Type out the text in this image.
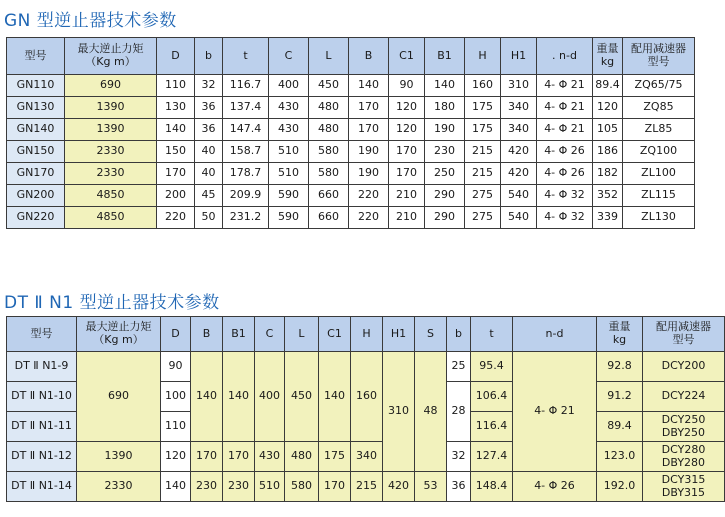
GN 型逆止器技术参数
型号	最大逆止力矩
（Kg m）	D	b	t	C	L	B	C1	B1	H	H1	. n-d	重量
kg	配用减速器
型号
GN110	690	110	32	116.7	400	450	140	90	140	160	310	4- Φ 21	89.4	ZQ65/75
GN130	1390	130	36	137.4	430	480	170	120	180	175	340	4- Φ 21	120	ZQ85
GN140	1390	140	36	147.4	430	480	170	120	190	175	340	4- Φ 21	105	ZL85
GN150	2330	150	40	158.7	510	580	190	170	230	215	420	4- Φ 26	186	ZQ100
GN170	2330	170	40	178.7	510	580	190	170	250	215	420	4- Φ 26	182	ZL100
GN200	4850	200	45	209.9	590	660	220	210	290	275	540	4- Φ 32	352	ZL115
GN220	4850	220	50	231.2	590	660	220	210	290	275	540	4- Φ 32	339	ZL130
DT Ⅱ N1 型逆止器技术参数
型号	最大逆止力矩
（Kg m）	D	B	B1	C	L	C1	H	H1	S	b	t	n-d	重量
kg	配用减速器
型号
DT Ⅱ N1-9	690	90	140	140	400	450	140	160	310	48	25	95.4	4- Φ 21	92.8	DCY200
DT Ⅱ N1-10		100									28	106.4		91.2	DCY224
DT Ⅱ N1-11		110										116.4		89.4	DCY250
DBY250
DT Ⅱ N1-12	1390	120	170	170	430	480	175	340			32	127.4		123.0	DCY280
DBY280
DT Ⅱ N1-14	2330	140	230	230	510	580	170	215	420	53	36	148.4	4- Φ 26	192.0	DCY315
DBY315
